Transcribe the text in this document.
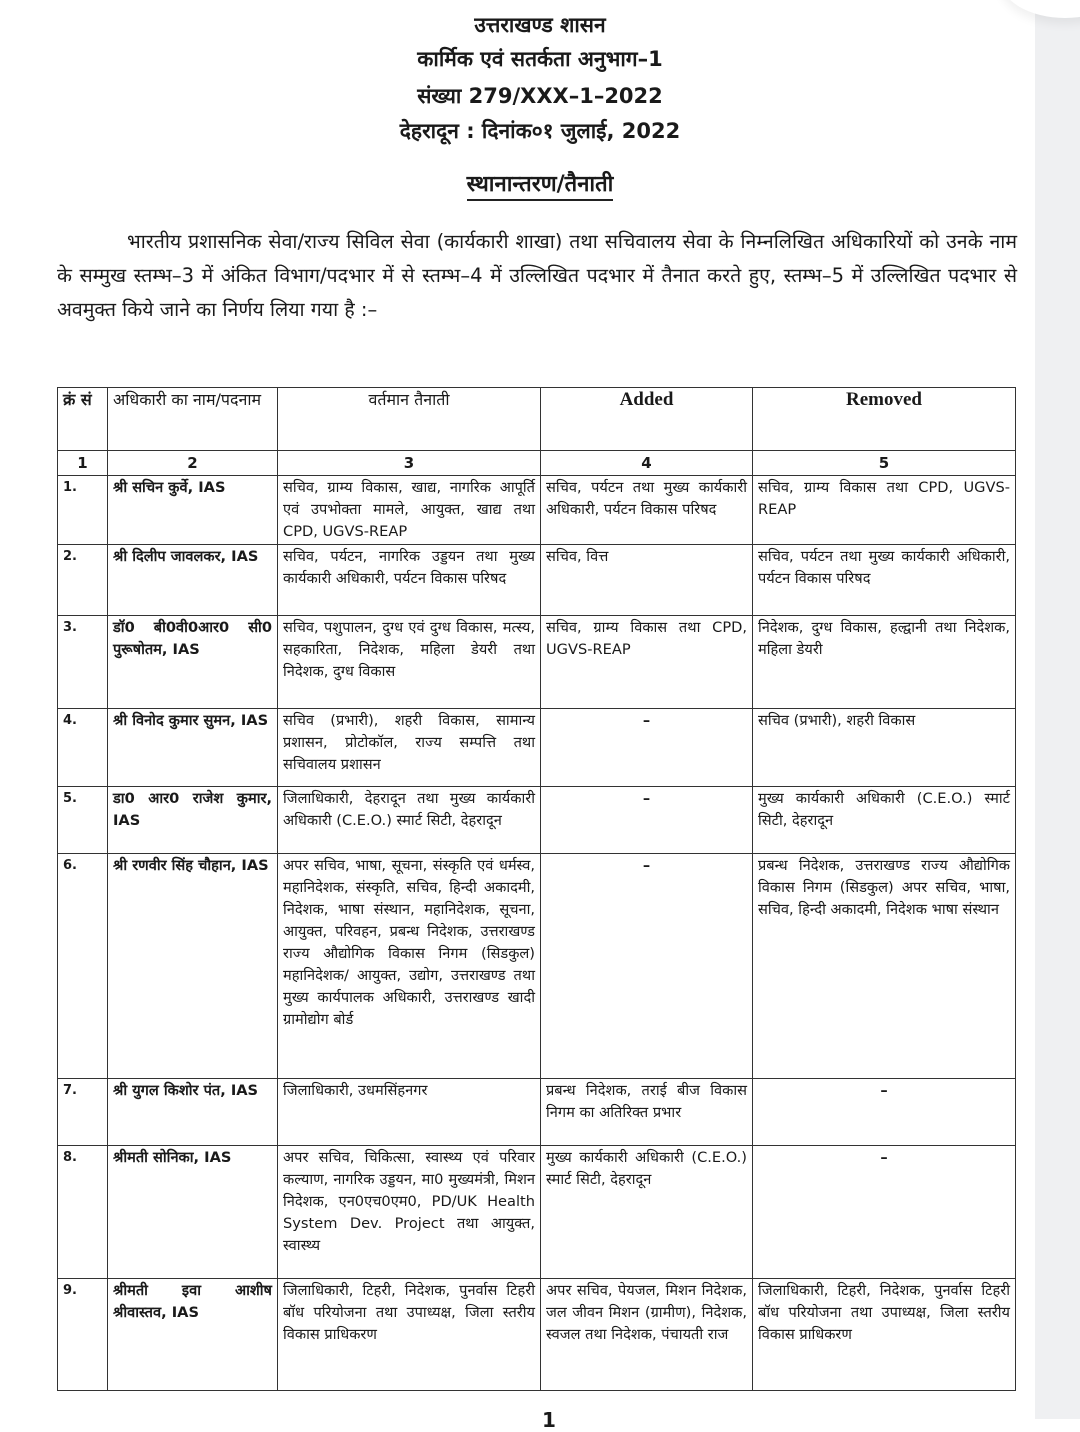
उत्तराखण्ड शासन
कार्मिक एवं सतर्कता अनुभाग–1
संख्या 279/XXX–1–2022
देहरादून : दिनांक०१ जुलाई, 2022
स्थानान्तरण/तैनाती
भारतीय प्रशासनिक सेवा/राज्य सिविल सेवा (कार्यकारी शाखा) तथा सचिवालय सेवा के निम्नलिखित अधिकारियों को उनके नाम के सम्मुख स्तम्भ–3 में अंकित विभाग/पदभार में से स्तम्भ–4 में उल्लिखित पदभार में तैनात करते हुए, स्तम्भ–5 में उल्लिखित पदभार से अवमुक्त किये जाने का निर्णय लिया गया है :–
क्रं सं	अधिकारी का नाम/पदनाम	वर्तमान तैनाती	Added	Removed
1	2	3	4	5
1.	श्री सचिन कुर्वे, IAS	सचिव, ग्राम्य विकास, खाद्य, नागरिक आपूर्ति एवं उपभोक्ता मामले, आयुक्त, खाद्य तथा CPD, UGVS-REAP	सचिव, पर्यटन तथा मुख्य कार्यकारी अधिकारी, पर्यटन विकास परिषद	सचिव, ग्राम्य विकास तथा CPD, UGVS-REAP
2.	श्री दिलीप जावलकर, IAS	सचिव, पर्यटन, नागरिक उड्डयन तथा मुख्य कार्यकारी अधिकारी, पर्यटन विकास परिषद	सचिव, वित्त	सचिव, पर्यटन तथा मुख्य कार्यकारी अधिकारी, पर्यटन विकास परिषद
3.	डॉ0 बी0वी0आर0 सी0 पुरूषोतम, IAS	सचिव, पशुपालन, दुग्ध एवं दुग्ध विकास, मत्स्य, सहकारिता, निदेशक, महिला डेयरी तथा निदेशक, दुग्ध विकास	सचिव, ग्राम्य विकास तथा CPD, UGVS-REAP	निदेशक, दुग्ध विकास, हल्द्वानी तथा निदेशक, महिला डेयरी
4.	श्री विनोद कुमार सुमन, IAS	सचिव (प्रभारी), शहरी विकास, सामान्य प्रशासन, प्रोटोकॉल, राज्य सम्पत्ति तथा सचिवालय प्रशासन	–	सचिव (प्रभारी), शहरी विकास
5.	डा0 आर0 राजेश कुमार, IAS	जिलाधिकारी, देहरादून तथा मुख्य कार्यकारी अधिकारी (C.E.O.) स्मार्ट सिटी, देहरादून	–	मुख्य कार्यकारी अधिकारी (C.E.O.) स्मार्ट सिटी, देहरादून
6.	श्री रणवीर सिंह चौहान, IAS	अपर सचिव, भाषा, सूचना, संस्कृति एवं धर्मस्व, महानिदेशक, संस्कृति, सचिव, हिन्दी अकादमी, निदेशक, भाषा संस्थान, महानिदेशक, सूचना, आयुक्त, परिवहन, प्रबन्ध निदेशक, उत्तराखण्ड राज्य औद्योगिक विकास निगम (सिडकुल) महानिदेशक/ आयुक्त, उद्योग, उत्तराखण्ड तथा मुख्य कार्यपालक अधिकारी, उत्तराखण्ड खादी ग्रामोद्योग बोर्ड	–	प्रबन्ध निदेशक, उत्तराखण्ड राज्य औद्योगिक विकास निगम (सिडकुल) अपर सचिव, भाषा, सचिव, हिन्दी अकादमी, निदेशक भाषा संस्थान
7.	श्री युगल किशोर पंत, IAS	जिलाधिकारी, उधमसिंहनगर	प्रबन्ध निदेशक, तराई बीज विकास निगम का अतिरिक्त प्रभार	–
8.	श्रीमती सोनिका, IAS	अपर सचिव, चिकित्सा, स्वास्थ्य एवं परिवार कल्याण, नागरिक उड्डयन, मा0 मुख्यमंत्री, मिशन निदेशक, एन0एच0एम0, PD/UK Health System Dev. Project तथा आयुक्त, स्वास्थ्य	मुख्य कार्यकारी अधिकारी (C.E.O.) स्मार्ट सिटी, देहरादून	–
9.	श्रीमती इवा आशीष श्रीवास्तव, IAS	जिलाधिकारी, टिहरी, निदेशक, पुनर्वास टिहरी बॉध परियोजना तथा उपाध्यक्ष, जिला स्तरीय विकास प्राधिकरण	अपर सचिव, पेयजल, मिशन निदेशक, जल जीवन मिशन (ग्रामीण), निदेशक, स्वजल तथा निदेशक, पंचायती राज	जिलाधिकारी, टिहरी, निदेशक, पुनर्वास टिहरी बॉध परियोजना तथा उपाध्यक्ष, जिला स्तरीय विकास प्राधिकरण
1
